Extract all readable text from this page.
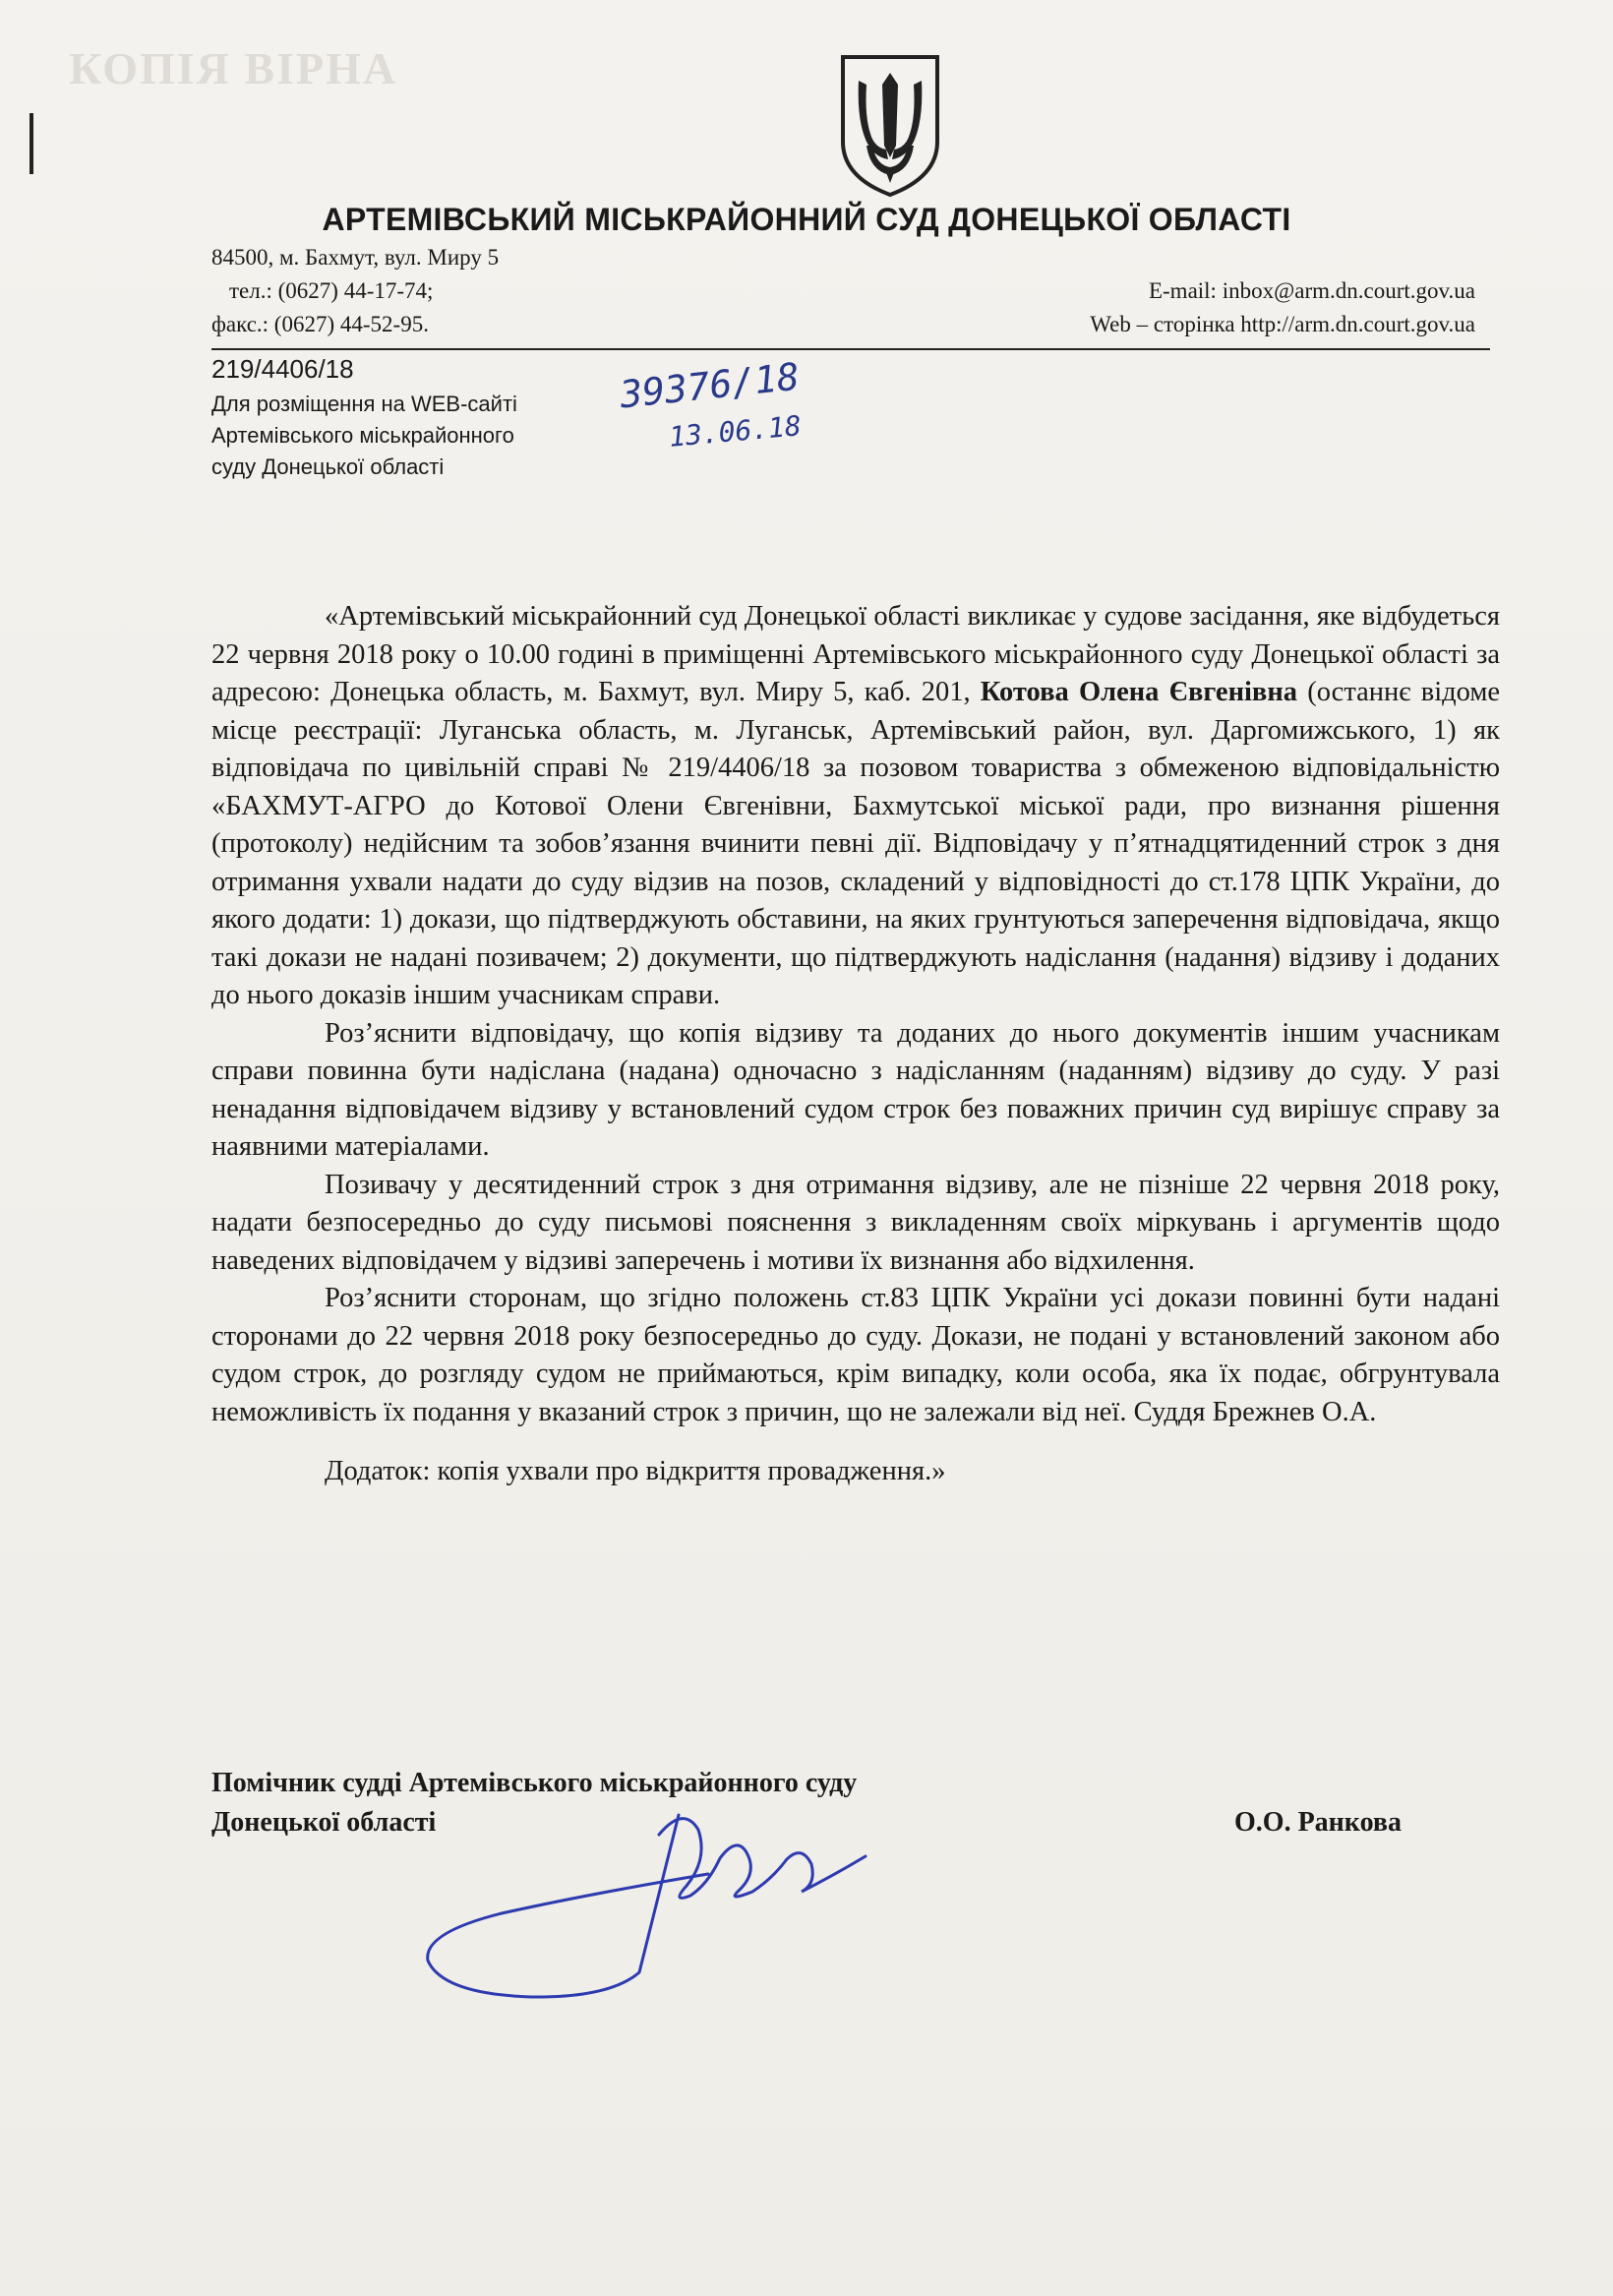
КОПІЯ ВІРНА
АРТЕМІВСЬКИЙ МІСЬКРАЙОННИЙ СУД ДОНЕЦЬКОЇ ОБЛАСТІ
84500, м. Бахмут, вул. Миру 5
тел.: (0627) 44-17-74;
факс.: (0627) 44-52-95.
E-mail: inbox@arm.dn.court.gov.ua
Web – сторінка http://arm.dn.court.gov.ua
219/4406/18
Для розміщення на WEB-сайті
Артемівського міськрайонного
суду Донецької області
39376/18
13.06.18

«Артемівський міськрайонний суд Донецької області викликає у судове засідання, яке відбудеться 22 червня 2018 року о 10.00 годині в приміщенні Артемівського міськрайонного суду Донецької області за адресою: Донецька область, м. Бахмут, вул. Миру 5, каб. 201, Котова Олена Євгенівна (останнє відоме місце реєстрації: Луганська область, м. Луганськ, Артемівський район, вул. Даргомижського, 1) як відповідача по цивільній справі № 219/4406/18 за позовом товариства з обмеженою відповідальністю «БАХМУТ-АГРО до Котової Олени Євгенівни, Бахмутської міської ради, про визнання рішення (протоколу) недійсним та зобов’язання вчинити певні дії. Відповідачу у п’ятнадцятиденний строк з дня отримання ухвали надати до суду відзив на позов, складений у відповідності до ст.178 ЦПК України, до якого додати: 1) докази, що підтверджують обставини, на яких грунтуються заперечення відповідача, якщо такі докази не надані позивачем; 2) документи, що підтверджують надіслання (надання) відзиву і доданих до нього доказів іншим учасникам справи.

Роз’яснити відповідачу, що копія відзиву та доданих до нього документів іншим учасникам справи повинна бути надіслана (надана) одночасно з надісланням (наданням) відзиву до суду. У разі ненадання відповідачем відзиву у встановлений судом строк без поважних причин суд вирішує справу за наявними матеріалами.

Позивачу у десятиденний строк з дня отримання відзиву, але не пізніше 22 червня 2018 року, надати безпосередньо до суду письмові пояснення з викладенням своїх міркувань і аргументів щодо наведених відповідачем у відзиві заперечень і мотиви їх визнання або відхилення.

Роз’яснити сторонам, що згідно положень ст.83 ЦПК України усі докази повинні бути надані сторонами до 22 червня 2018 року безпосередньо до суду. Докази, не подані у встановлений законом або судом строк, до розгляду судом не приймаються, крім випадку, коли особа, яка їх подає, обгрунтувала неможливість їх подання у вказаний строк з причин, що не залежали від неї. Суддя Брежнев О.А.

Додаток: копія ухвали про відкриття провадження.»

Помічник судді Артемівського міськрайонного суду
Донецької області	О.О. Ранкова
